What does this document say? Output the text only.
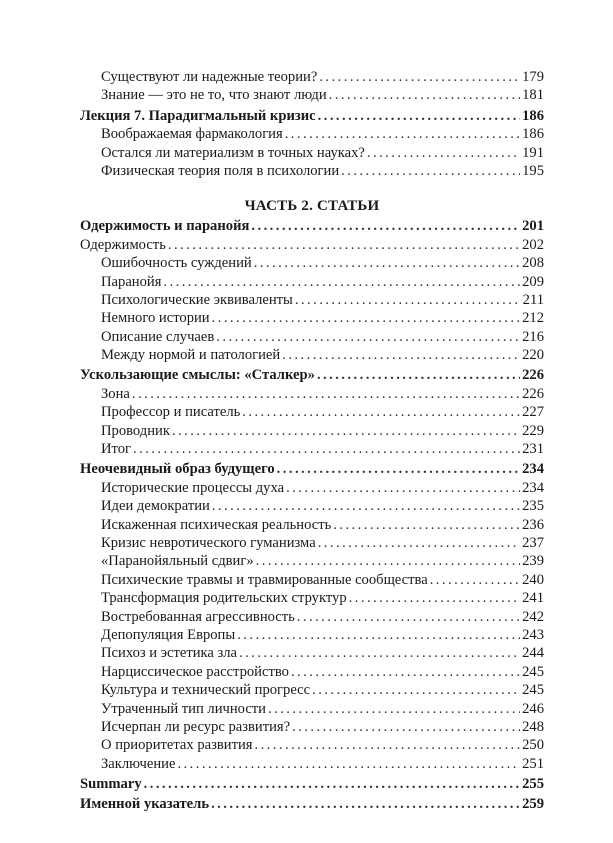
Существуют ли надежные теории? . . .	179
Знание — это не то, что знают люди . . .	181
Лекция 7. Парадигмальный кризис . . .	186
Воображаемая фармакология . . .	186
Остался ли материализм в точных науках? . . .	191
Физическая теория поля в психологии . . .	195
ЧАСТЬ 2. СТАТЬИ
Одержимость и паранойя . . .	201
Одержимость . . .	202
Ошибочность суждений . . .	208
Паранойя . . .	209
Психологические эквиваленты . . .	211
Немного истории . . .	212
Описание случаев . . .	216
Между нормой и патологией . . .	220
Ускользающие смыслы: «Сталкер» . . .	226
Зона . . .	226
Профессор и писатель . . .	227
Проводник . . .	229
Итог . . .	231
Неочевидный образ будущего . . .	234
Исторические процессы духа . . .	234
Идеи демократии . . .	235
Искаженная психическая реальность . . .	236
Кризис невротического гуманизма . . .	237
«Паранойяльный сдвиг» . . .	239
Психические травмы и травмированные сообщества . . .	240
Трансформация родительских структур . . .	241
Востребованная агрессивность . . .	242
Депопуляция Европы . . .	243
Психоз и эстетика зла . . .	244
Нарциссическое расстройство . . .	245
Культура и технический прогресс . . .	245
Утраченный тип личности . . .	246
Исчерпан ли ресурс развития? . . .	248
О приоритетах развития . . .	250
Заключение . . .	251
Summary . . .	255
Именной указатель . . .	259
